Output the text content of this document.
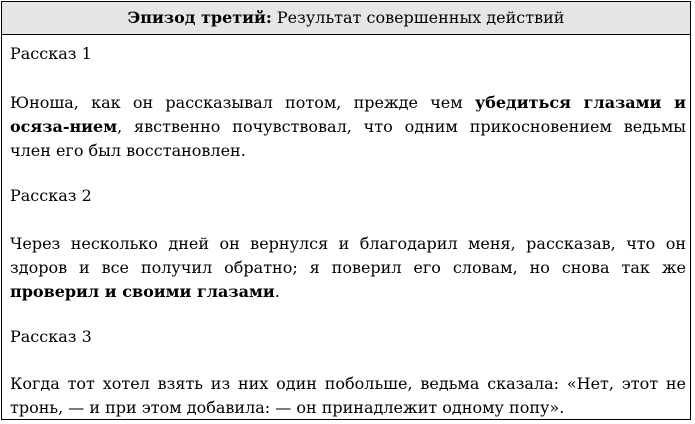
Эпизод третий: Результат совершенных действий

Рассказ 1

Юноша, как он рассказывал потом, прежде чем убедиться глазами и осяза-нием, явственно почувствовал, что одним прикосновением ведьмы член его был восстановлен.

Рассказ 2

Через несколько дней он вернулся и благодарил меня, рассказав, что он здоров и все получил обратно; я поверил его словам, но снова так же проверил и своими глазами.

Рассказ 3

Когда тот хотел взять из них один побольше, ведьма сказала: «Нет, этот не тронь, — и при этом добавила: — он принадлежит одному попу».
